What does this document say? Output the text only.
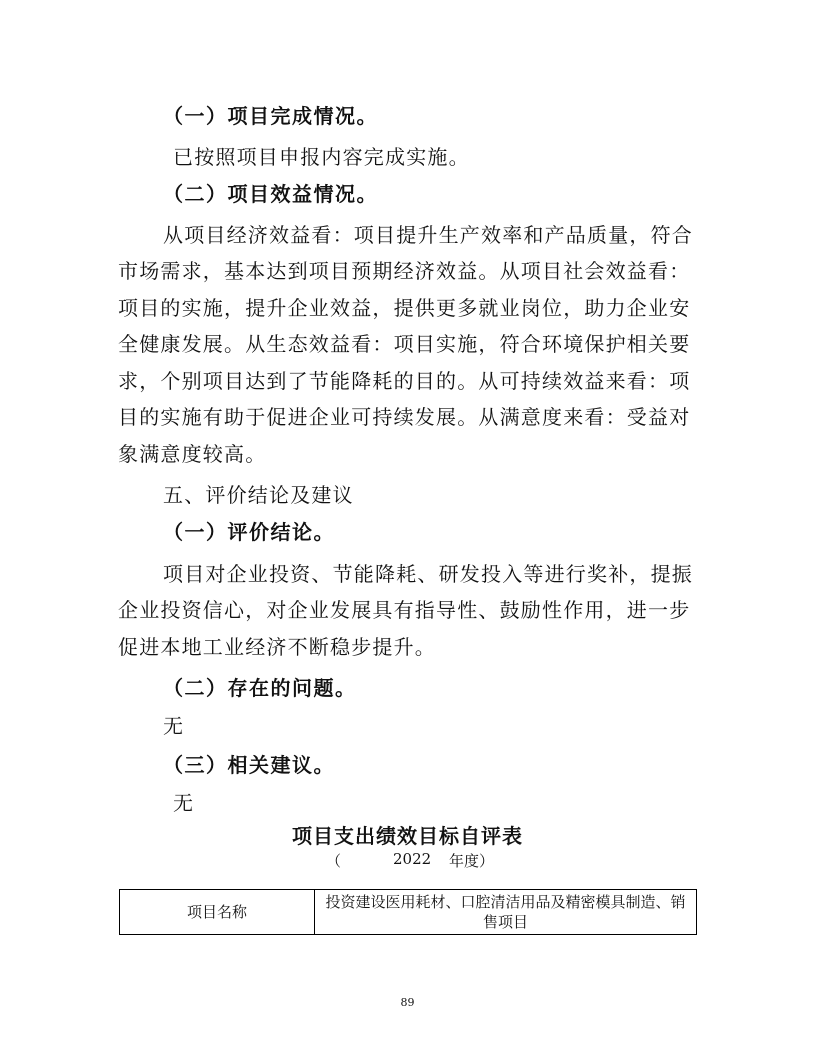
（一）项目完成情况。
已按照项目申报内容完成实施。
（二）项目效益情况。
从项目经济效益看：项目提升生产效率和产品质量，符合
市场需求，基本达到项目预期经济效益。从项目社会效益看：
项目的实施，提升企业效益，提供更多就业岗位，助力企业安
全健康发展。从生态效益看：项目实施，符合环境保护相关要
求，个别项目达到了节能降耗的目的。从可持续效益来看：项
目的实施有助于促进企业可持续发展。从满意度来看：受益对
象满意度较高。
五、评价结论及建议
（一）评价结论。
项目对企业投资、节能降耗、研发投入等进行奖补，提振
企业投资信心，对企业发展具有指导性、鼓励性作用，进一步
促进本地工业经济不断稳步提升。
（二）存在的问题。
无
（三）相关建议。
无
项目支出绩效目标自评表
（	2022 年度）
项目名称	投资建设医用耗材、口腔清洁用品及精密模具制造、销售项目
89
